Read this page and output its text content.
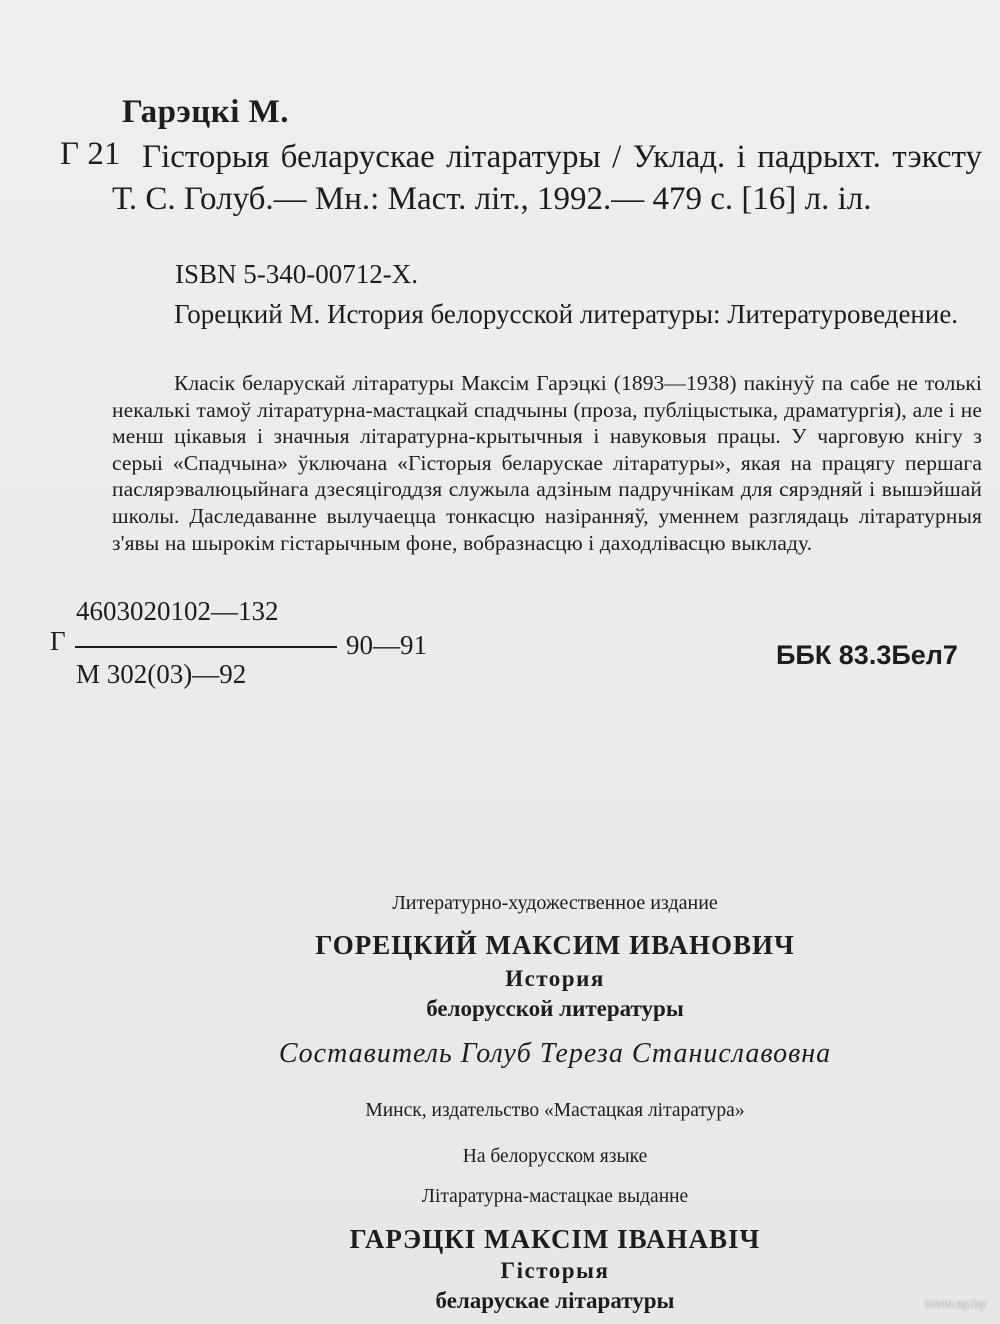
Гарэцкі М.
Г 21 Гісторыя беларускае літаратуры / Уклад. і падрыхт. тэксту Т. С. Голуб.— Мн.: Маст. літ., 1992.— 479 с. [16] л. іл.
ISBN 5-340-00712-X.
Горецкий М. История белорусской литературы: Литературоведение.
Класік беларускай літаратуры Максім Гарэцкі (1893—1938) пакінуў па сабе не толькі некалькі тамоў літаратурна-мастацкай спадчыны (проза, публіцыстыка, драматургія), але і не менш цікавыя і значныя літаратурна-крытычныя і навуковыя працы. У чарговую кнігу з серыі «Спадчына» ўключана «Гісторыя беларускае літаратуры», якая на працягу першага паслярэвалюцыйнага дзесяцігоддзя служыла адзіным падручнікам для сярэдняй і вышэйшай школы. Даследаванне вылучаецца тонкасцю назіранняў, уменнем разглядаць літаратурныя з'явы на шырокім гістарычным фоне, вобразнасцю і даходлівасцю выкладу.
4603020102—132
Г	90—91
М 302(03)—92
ББК 83.3Бел7
Литературно-художественное издание
ГОРЕЦКИЙ МАКСИМ ИВАНОВИЧ
История
белорусской литературы
Составитель Голуб Тереза Станиславовна
Минск, издательство «Мастацкая літаратура»
На белорусском языке
Літаратурна-мастацкае выданне
ГАРЭЦКІ МАКСІМ ІВАНАВІЧ
Гісторыя
беларускае літаратуры	www.ay.by
